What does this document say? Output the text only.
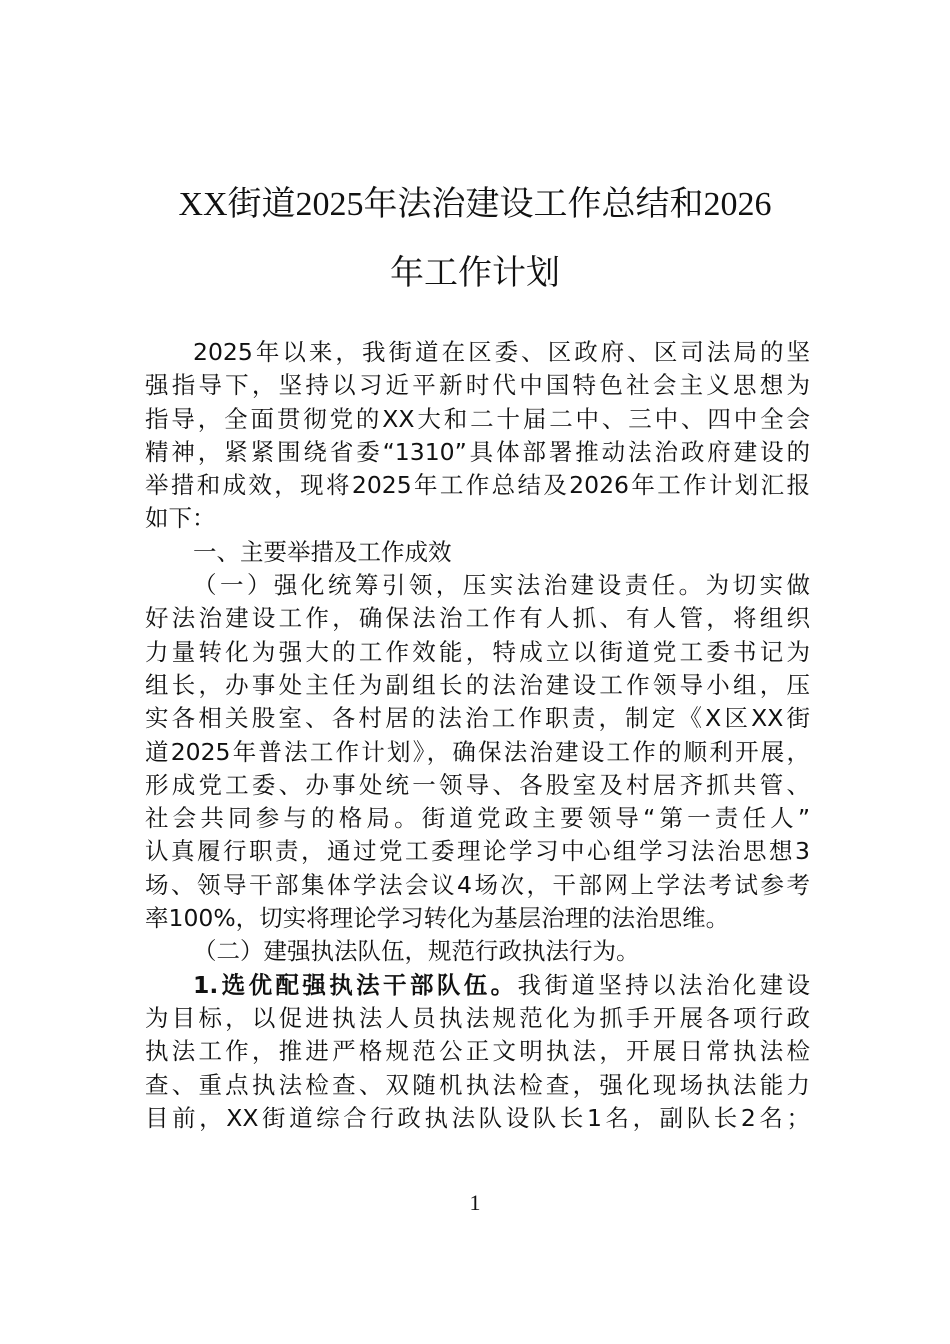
XX街道2025年法治建设工作总结和2026
年工作计划
2025年以来，我街道在区委、区政府、区司法局的坚
强指导下，坚持以习近平新时代中国特色社会主义思想为
指导，全面贯彻党的XX大和二十届二中、三中、四中全会
精神，紧紧围绕省委“1310”具体部署推动法治政府建设的
举措和成效，现将2025年工作总结及2026年工作计划汇报
如下：
一、主要举措及工作成效
（一）强化统筹引领，压实法治建设责任。为切实做
好法治建设工作，确保法治工作有人抓、有人管，将组织
力量转化为强大的工作效能，特成立以街道党工委书记为
组长，办事处主任为副组长的法治建设工作领导小组，压
实各相关股室、各村居的法治工作职责，制定《X区XX街
道2025年普法工作计划》，确保法治建设工作的顺利开展，
形成党工委、办事处统一领导、各股室及村居齐抓共管、
社会共同参与的格局。街道党政主要领导“第一责任人”
认真履行职责，通过党工委理论学习中心组学习法治思想3
场、领导干部集体学法会议4场次，干部网上学法考试参考
率100%，切实将理论学习转化为基层治理的法治思维。
（二）建强执法队伍，规范行政执法行为。
1.选优配强执法干部队伍。我街道坚持以法治化建设
为目标，以促进执法人员执法规范化为抓手开展各项行政
执法工作，推进严格规范公正文明执法，开展日常执法检
查、重点执法检查、双随机执法检查，强化现场执法能力
目前，XX街道综合行政执法队设队长1名，副队长2名；
1
